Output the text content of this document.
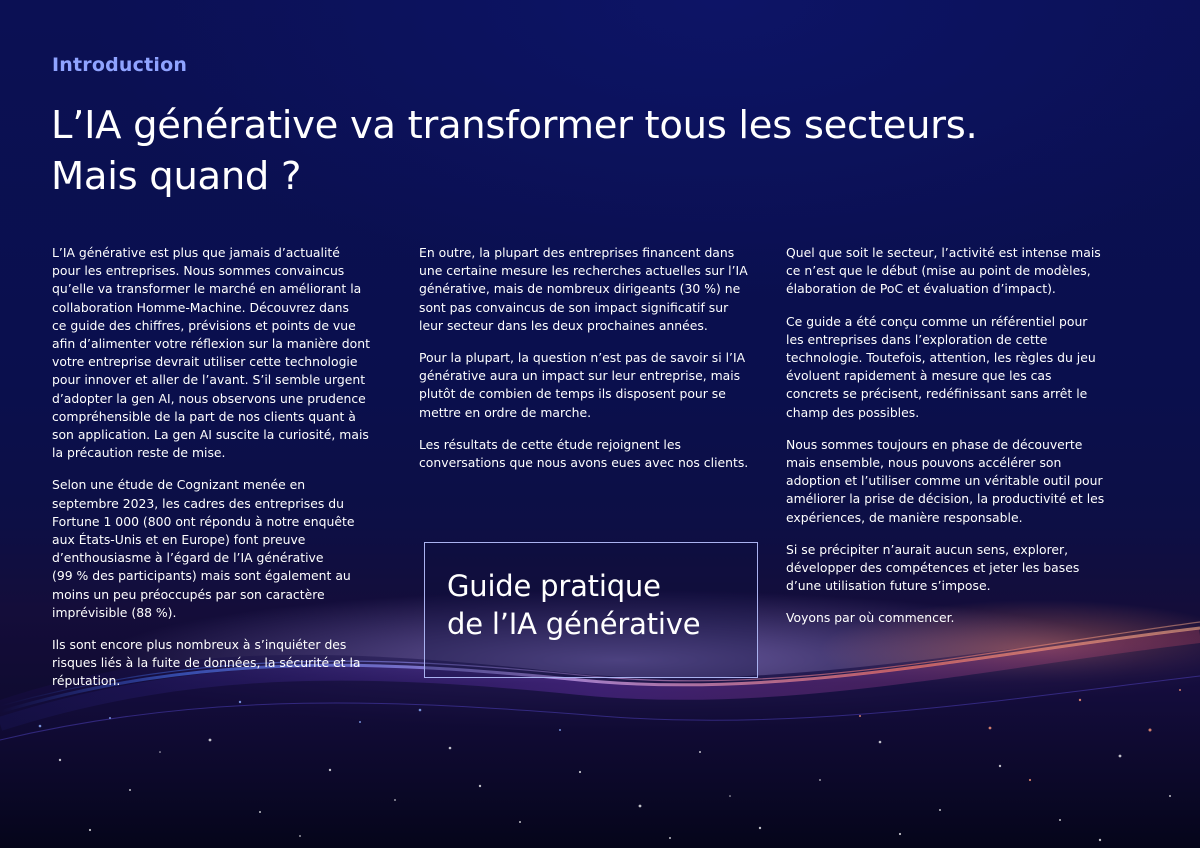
Introduction
L’IA générative va transformer tous les secteurs.
Mais quand ?

L’IA générative est plus que jamais d’actualité
pour les entreprises. Nous sommes convaincus
qu’elle va transformer le marché en améliorant la
collaboration Homme-Machine. Découvrez dans
ce guide des chiffres, prévisions et points de vue
afin d’alimenter votre réflexion sur la manière dont
votre entreprise devrait utiliser cette technologie
pour innover et aller de l’avant. S’il semble urgent
d’adopter la gen AI, nous observons une prudence
compréhensible de la part de nos clients quant à
son application. La gen AI suscite la curiosité, mais
la précaution reste de mise.

Selon une étude de Cognizant menée en
septembre 2023, les cadres des entreprises du
Fortune 1 000 (800 ont répondu à notre enquête
aux États-Unis et en Europe) font preuve
d’enthousiasme à l’égard de l’IA générative
(99 % des participants) mais sont également au
moins un peu préoccupés par son caractère
imprévisible (88 %).

Ils sont encore plus nombreux à s’inquiéter des
risques liés à la fuite de données, la sécurité et la
réputation.

En outre, la plupart des entreprises financent dans
une certaine mesure les recherches actuelles sur l’IA
générative, mais de nombreux dirigeants (30 %) ne
sont pas convaincus de son impact significatif sur
leur secteur dans les deux prochaines années.

Pour la plupart, la question n’est pas de savoir si l’IA
générative aura un impact sur leur entreprise, mais
plutôt de combien de temps ils disposent pour se
mettre en ordre de marche.

Les résultats de cette étude rejoignent les
conversations que nous avons eues avec nos clients.

Quel que soit le secteur, l’activité est intense mais
ce n’est que le début (mise au point de modèles,
élaboration de PoC et évaluation d’impact).

Ce guide a été conçu comme un référentiel pour
les entreprises dans l’exploration de cette
technologie. Toutefois, attention, les règles du jeu
évoluent rapidement à mesure que les cas
concrets se précisent, redéfinissant sans arrêt le
champ des possibles.

Nous sommes toujours en phase de découverte
mais ensemble, nous pouvons accélérer son
adoption et l’utiliser comme un véritable outil pour
améliorer la prise de décision, la productivité et les
expériences, de manière responsable.

Si se précipiter n’aurait aucun sens, explorer,
développer des compétences et jeter les bases
d’une utilisation future s’impose.

Voyons par où commencer.

Guide pratique
de l’IA générative
